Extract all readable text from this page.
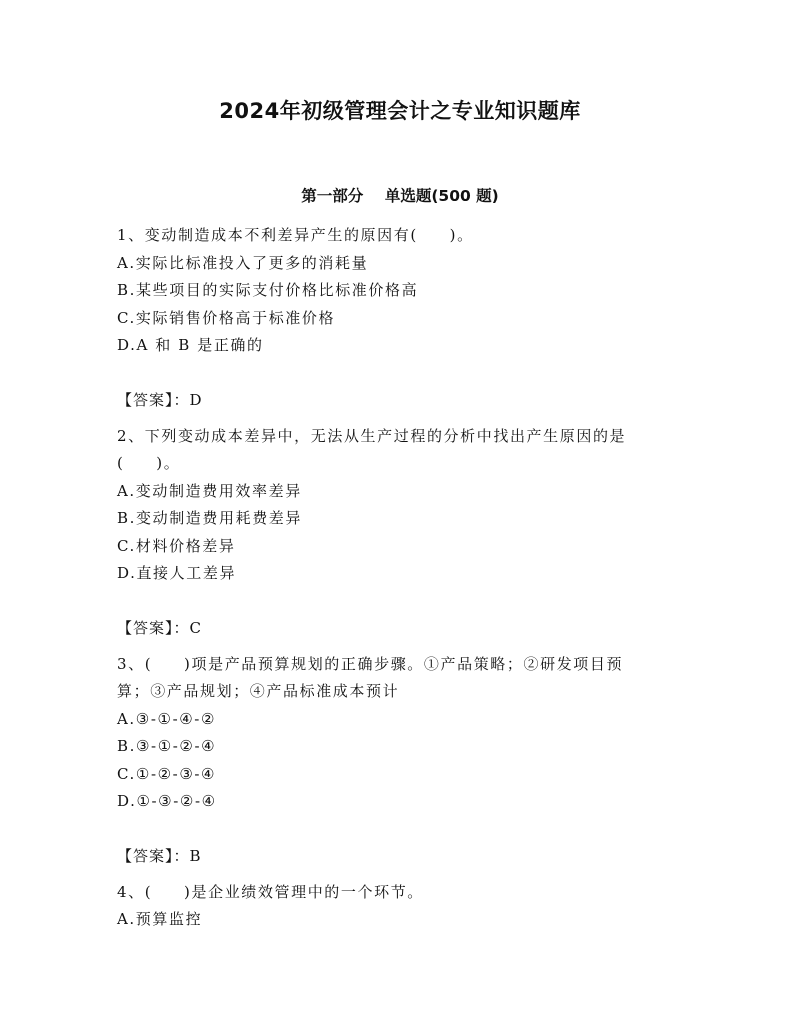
2024年初级管理会计之专业知识题库
第一部分    单选题(500 题)

1、变动制造成本不利差异产生的原因有(     )。

A.实际比标准投入了更多的消耗量

B.某些项目的实际支付价格比标准价格高

C.实际销售价格高于标准价格

D.A 和 B 是正确的

【答案】：D

2、下列变动成本差异中，无法从生产过程的分析中找出产生原因的是

(     )。

A.变动制造费用效率差异

B.变动制造费用耗费差异

C.材料价格差异

D.直接人工差异

【答案】：C

3、(     )项是产品预算规划的正确步骤。①产品策略；②研发项目预

算；③产品规划；④产品标准成本预计

A.③-①-④-②

B.③-①-②-④

C.①-②-③-④

D.①-③-②-④

【答案】：B

4、(     )是企业绩效管理中的一个环节。

A.预算监控
